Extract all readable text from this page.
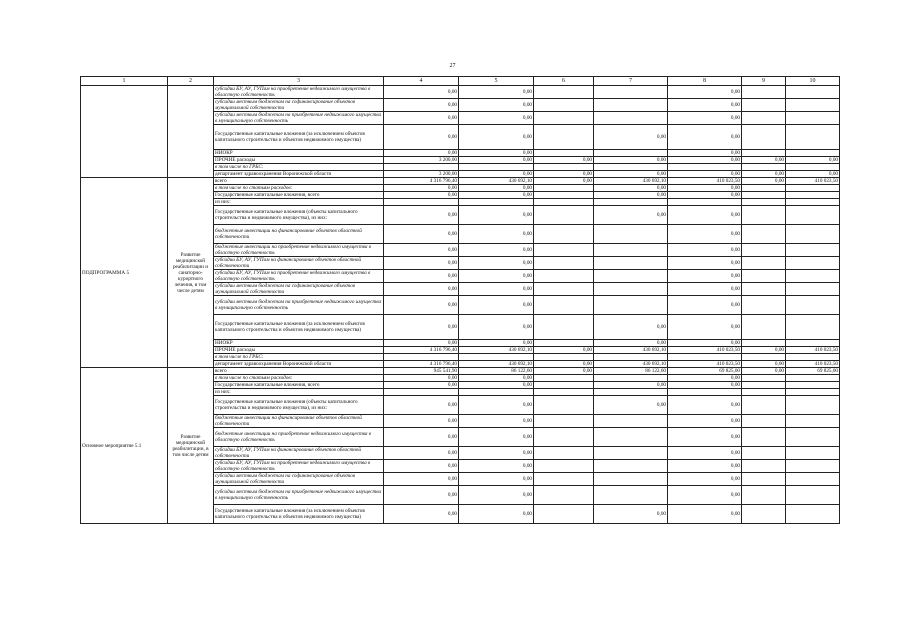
27
1	2	3	4	5	6	7	8	9	10
		субсидии БУ, АУ, ГУПам на приобретение недвижимого имущества в областную собственность	0,00	0,00			0,00		
		субсидии местным бюджетам на софинансирование объектов муниципальной собственности	0,00	0,00			0,00		
		субсидии местным бюджетам на приобретение недвижимого имущества в муниципальную собственность	0,00	0,00			0,00		
		Государственные капитальные вложения (за исключением объектов капитального строительства и объектов недвижимого имущества)	0,00	0,00		0,00	0,00		
		НИОКР	0,00	0,00			0,00		
		ПРОЧИЕ расходы	3 200,00	0,00	0,00	0,00	0,00	0,00	0,00
		в том числе по ГРБС:							
		департамент здравоохранения Воронежской области	3 200,00	0,00	0,00	0,00	0,00	0,00	0,00
ПОДПРОГРАММА 5	Развитие медицинской реабилитации и санаторно-курортного лечения, в том числе детям	всего	4 316 796,40	430 692,10	0,00	430 692,10	410 023,50	0,00	410 023,50
		в том числе по статьям расходов:	0,00	0,00		0,00	0,00		
		Государственные капитальные вложения, всего	0,00	0,00		0,00	0,00		
		из них:							
		Государственные капитальные вложения (объекты капитального строительства и недвижимого имущества), из них:	0,00	0,00		0,00	0,00		
		бюджетные инвестиции на финансирование объектов областной собственности	0,00	0,00			0,00		
		бюджетные инвестиции на приобретение недвижимого имущества в областную собственность	0,00	0,00			0,00		
		субсидии БУ, АУ, ГУПам на финансирование объектов областной собственности	0,00	0,00			0,00		
		субсидии БУ, АУ, ГУПам на приобретение недвижимого имущества в областную собственность	0,00	0,00			0,00		
		субсидии местным бюджетам на софинансирование объектов муниципальной собственности	0,00	0,00			0,00		
		субсидии местным бюджетам на приобретение недвижимого имущества в муниципальную собственность	0,00	0,00			0,00		
		Государственные капитальные вложения (за исключением объектов капитального строительства и объектов недвижимого имущества)	0,00	0,00		0,00	0,00		
		НИОКР	0,00	0,00		0,00	0,00		
		ПРОЧИЕ расходы	4 316 796,40	430 692,10	0,00	430 692,10	410 023,50	0,00	410 023,50
		в том числе по ГРБС:							
		департамент здравоохранения Воронежской области	4 316 796,40	430 692,10	0,00	430 692,10	410 023,50	0,00	410 023,50
Основное мероприятие 5.1	Развитие медицинской реабилитации, в том числе детям	всего	945 541,90	86 122,60	0,00	86 122,60	69 825,00	0,00	69 825,00
		в том числе по статьям расходов:	0,00	0,00			0,00		
		Государственные капитальные вложения, всего	0,00	0,00		0,00	0,00		
		из них:							
		Государственные капитальные вложения (объекты капитального строительства и недвижимого имущества), из них:	0,00	0,00		0,00	0,00		
		бюджетные инвестиции на финансирование объектов областной собственности	0,00	0,00			0,00		
		бюджетные инвестиции на приобретение недвижимого имущества в областную собственность	0,00	0,00			0,00		
		субсидии БУ, АУ, ГУПам на финансирование объектов областной собственности	0,00	0,00			0,00		
		субсидии БУ, АУ, ГУПам на приобретение недвижимого имущества в областную собственность	0,00	0,00			0,00		
		субсидии местным бюджетам на софинансирование объектов муниципальной собственности	0,00	0,00			0,00		
		субсидии местным бюджетам на приобретение недвижимого имущества в муниципальную собственность	0,00	0,00			0,00		
		Государственные капитальные вложения (за исключением объектов капитального строительства и объектов недвижимого имущества)	0,00	0,00		0,00	0,00		
